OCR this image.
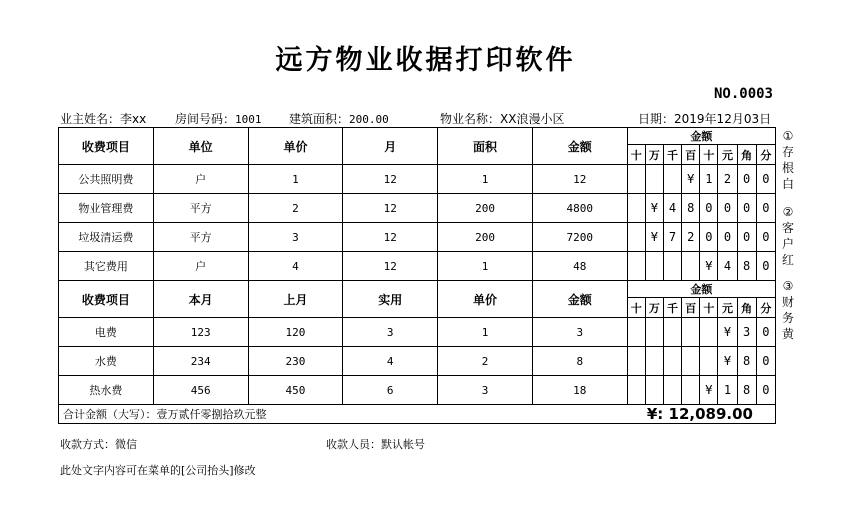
远方物业收据打印软件
NO.0003
业主姓名：李xx 房间号码：1001 建筑面积：200.00	物业名称：XX浪漫小区	日期：2019年12月03日
收费项目	单位	单价	月	面积	金额	金额							
						十	万	千	百	十	元	角	分
公共照明费	户	1	12	1	12				¥	1	2	0	0
物业管理费	平方	2	12	200	4800		¥	4	8	0	0	0	0
垃圾清运费	平方	3	12	200	7200		¥	7	2	0	0	0	0
其它费用	户	4	12	1	48					¥	4	8	0
收费项目	本月	上月	实用	单价	金额	金额							
						十	万	千	百	十	元	角	分
电费	123	120	3	1	3						¥	3	0
水费	234	230	4	2	8						¥	8	0
热水费	456	450	6	3	18					¥	1	8	0
合计金额（大写）：壹万贰仟零捌拾玖元整					¥: 12,089.00								
①
存
根
白
②
客
户
红
③
财
务
黄
收款方式：微信	收款人员：默认帐号
此处文字内容可在菜单的[公司抬头]修改
